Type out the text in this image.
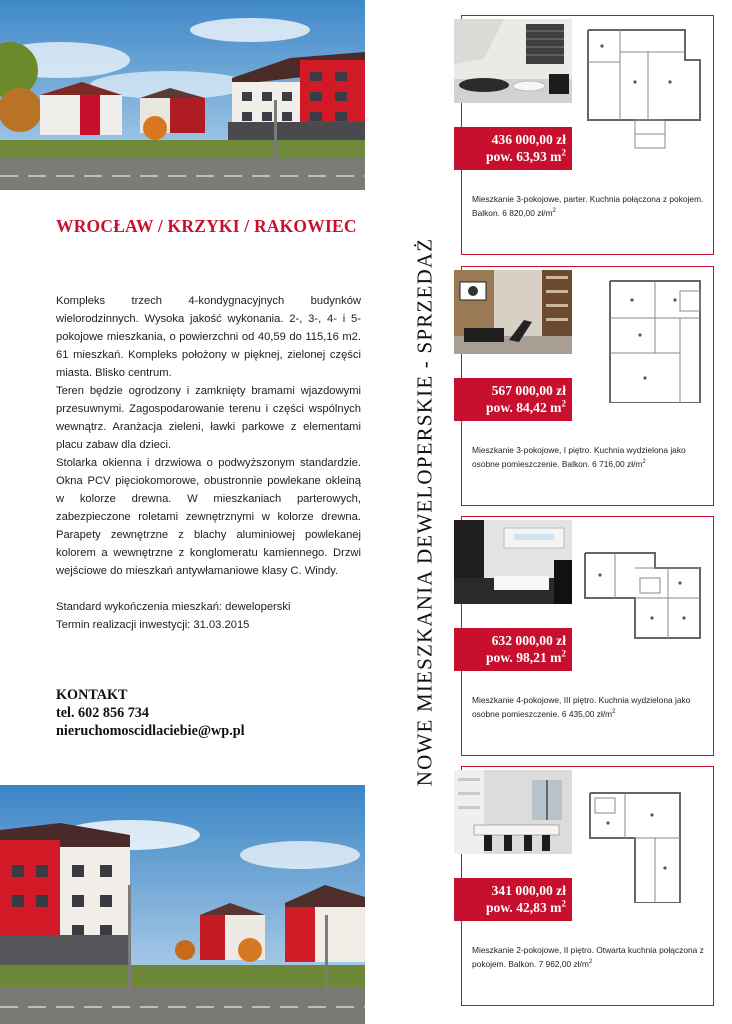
WROCŁAW / KRZYKI / RAKOWIEC

Kompleks trzech 4-kondygnacyjnych budynków wielorodzinnych. Wysoka jakość wykonania. 2-, 3-, 4- i 5-pokojowe mieszkania, o powierzchni od 40,59 do 115,16 m2. 61 mieszkań. Kompleks położony w pięknej, zielonej części miasta. Blisko centrum.

Teren będzie ogrodzony i zamknięty bramami wjazdowymi przesuwnymi. Zagospodarowanie terenu i części wspólnych wewnątrz. Aranżacja zieleni, ławki parkowe z elementami placu zabaw dla dzieci.

Stolarka okienna i drzwiowa o podwyższonym standardzie. Okna PCV pięciokomorowe, obustronnie powlekane okleiną w kolorze drewna. W mieszkaniach parterowych, zabezpieczone roletami zewnętrznymi w kolorze drewna. Parapety zewnętrzne z blachy aluminiowej powlekanej kolorem a wewnętrzne z konglomeratu kamiennego. Drzwi wejściowe do mieszkań antywłamaniowe klasy C. Windy.

Standard wykończenia mieszkań: deweloperski

Termin realizacji inwestycji: 31.03.2015

KONTAKT
tel. 602 856 734
nieruchomoscidlaciebie@wp.pl	NOWE MIESZKANIA DEWELOPERSKIE - SPRZEDAŻ
436 000,00 zł
pow. 63,93 $m^2$
Mieszkanie 3-pokojowe, parter. Kuchnia połączona z pokojem. Balkon. 6 820,00 $zł/m^2$
567 000,00 zł
pow. 84,42 $m^2$
Mieszkanie 3-pokojowe, I piętro. Kuchnia wydzielona jako osobne pomieszczenie. Balkon. 6 716,00 $zł/m^2$
632 000,00 zł
pow. 98,21 $m^2$
Mieszkanie 4-pokojowe, III piętro. Kuchnia wydzielona jako osobne pomieszczenie. 6 435,00 $zł/m^2$
341 000,00 zł
pow. 42,83 $m^2$
Mieszkanie 2-pokojowe, II piętro. Otwarta kuchnia połączona z pokojem. Balkon. 7 962,00 $zł/m^2$
